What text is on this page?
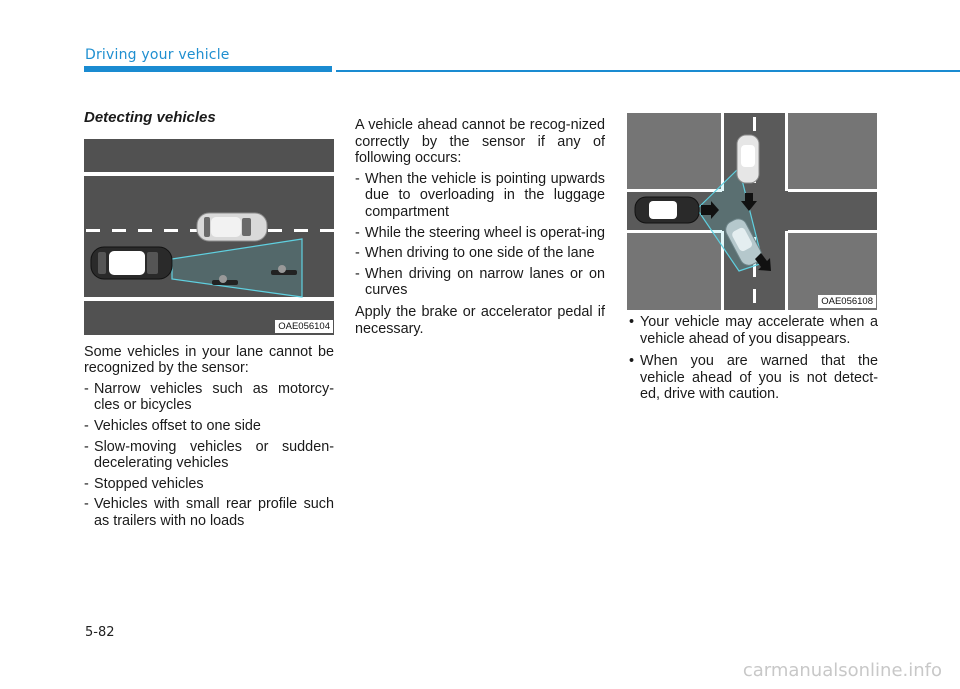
Driving your vehicle
Detecting vehicles
OAE056104

Some vehicles in your lane cannot be recognized by the sensor:

- Narrow vehicles such as motorcy-cles or bicycles
- Vehicles offset to one side
- Slow-moving vehicles or sudden-decelerating vehicles
- Stopped vehicles
- Vehicles with small rear profile such as trailers with no loads

A vehicle ahead cannot be recog-nized correctly by the sensor if any of following occurs:

- When the vehicle is pointing upwards due to overloading in the luggage compartment
- While the steering wheel is operat-ing
- When driving to one side of the lane
- When driving on narrow lanes or on curves

Apply the brake or accelerator pedal if necessary.

OAE056108
• Your vehicle may accelerate when a vehicle ahead of you disappears.
• When you are warned that the vehicle ahead of you is not detect-ed, drive with caution.
5-82
carmanualsonline.info
